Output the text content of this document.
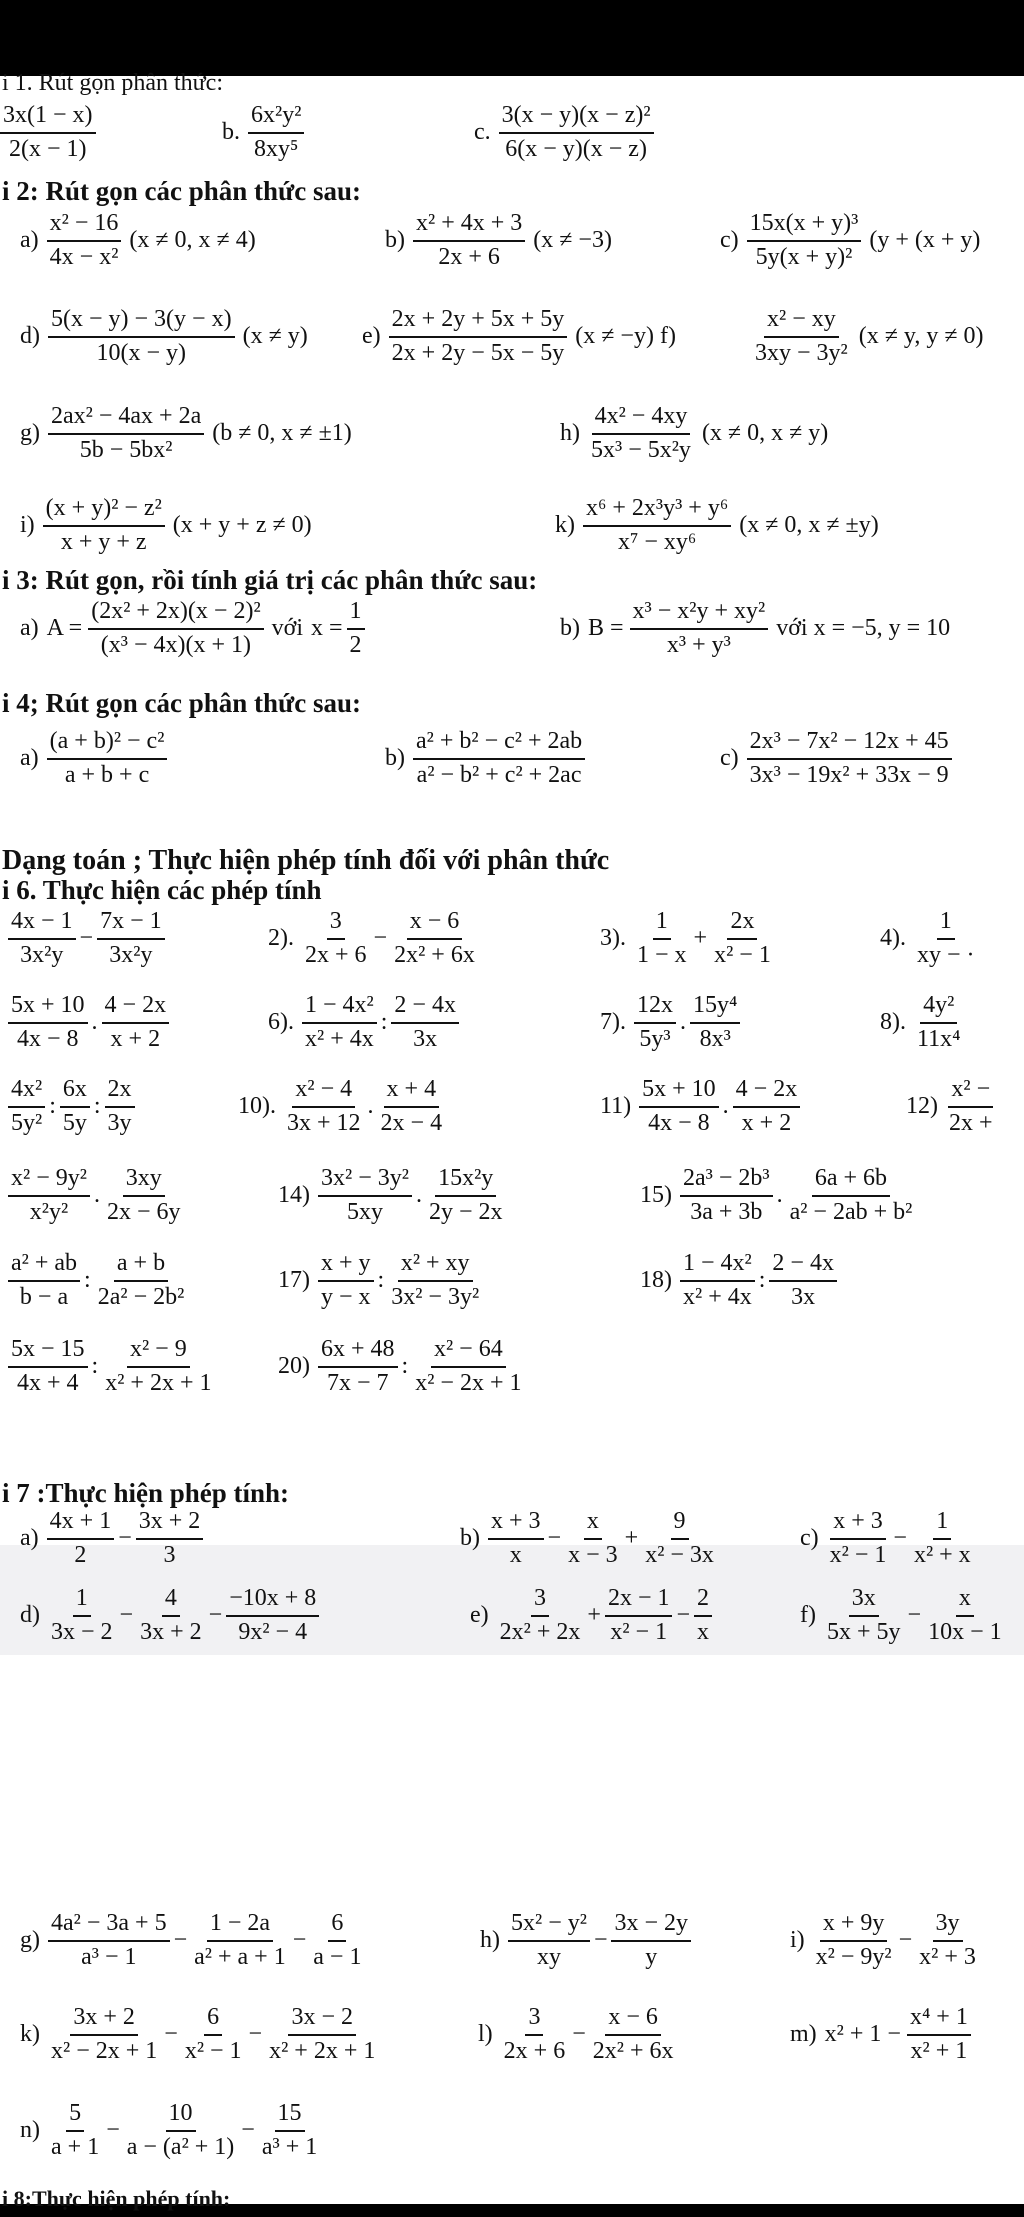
i 1. Rút gọn phân thức:
$\frac{3x(1 - x)}{2(x - 1)}$	b. $\frac{\text{6x²y²}}{\text{8xy⁵}}$	c. $\frac{\text{3(x − y)(x − z)²}}{6(x - y)(x - z)}$
i 2: Rút gọn các phân thức sau:
$a) \frac{\text{x² − 16}}{\text{4x − x²}} (x \ne 0$, x ≠ 4)	$b) \frac{\text{x² + 4x + 3}}{2x + 6} (x \ne -3)$	$c) \frac{\text{15x(x + y)³}}{\text{5y(x + y)²}} (y + (x + y)$
$d) \frac{5(x - y) - 3(y - x)}{10(x - y)} (x \ne y)$ $e) \frac{2x + 2y + 5x + 5y}{2x + 2y - 5x - 5y} (x \ne -y)$ f)	$\frac{\text{x² − xy}}{\text{3xy − 3y²}} (x \ne y$, y ≠ 0)
$g) \frac{\text{2ax² − 4ax + 2a}}{\text{5b − 5bx²}} (b \ne 0$, x ≠ ±1)	$h) \frac{\text{4x² − 4xy}}{\text{5x³ − 5x²y}} (x \ne 0$, x ≠ y)
$i) \frac{\text{(x + y)² − z²}}{x + y + z} (x + y + z \ne 0)$	$k) \frac{\text{x⁶ + 2x³y³ + y⁶}}{\text{x⁷ − xy⁶}} (x \ne 0$, x ≠ ±y)
i 3: Rút gọn, rồi tính giá trị các phân thức sau:
a) $A = \frac{\text{(2x² + 2x)(x − 2)²}}{\text{(x³ − 4x)(x + 1)}}$ với $x = \frac{1}{2}$	b) $B = \frac{\text{x³ − x²y + xy²}}{\text{x³ + y³}}$ với x = −5, y = 10
i 4; Rút gọn các phân thức sau:
$a) \frac{\text{(a + b)² − c²}}{a + b + c}$	$b) \frac{\text{a² + b² − c² + 2ab}}{\text{a² − b² + c² + 2ac}}$	$c) \frac{\text{2x³ − 7x² − 12x + 45}}{\text{3x³ − 19x² + 33x − 9}}$
Dạng toán ; Thực hiện phép tính đối với phân thức
i 6. Thực hiện các phép tính
$\frac{4x - 1}{\text{3x²y}} - \frac{7x - 1}{\text{3x²y}}$	2). $\frac{3}{2x + 6} - \frac{x - 6}{\text{2x² + 6x}}$	3). $\frac{1}{1 - x} + \frac{2x}{\text{x² − 1}}$	4). $\frac{1}{xy - \cdot}$
$\frac{5x + 10}{4x - 8}$ . $\frac{4 - 2x}{x + 2}$	6). $\frac{\text{1 − 4x²}}{\text{x² + 4x}}$ : $\frac{2 - 4x}{3x}$	7). $\frac{12x}{\text{5y³}}$ . $\frac{\text{15y⁴}}{\text{8x³}}$	8). $\frac{\text{4y²}}{\text{11x⁴}}$
$\frac{\text{4x²}}{\text{5y²}}$ : $\frac{6x}{5y}$ : $\frac{2x}{3y}$	10). $\frac{\text{x² − 4}}{3x + 12}$ . $\frac{x + 4}{2x - 4}$	$11) \frac{5x + 10}{4x - 8}$ . $\frac{4 - 2x}{x + 2}$	$12) \frac{\text{x² −}}{2x +}$
$\frac{\text{x² − 9y²}}{\text{x²y²}}$ . $\frac{3xy}{2x - 6y}$	$14) \frac{\text{3x² − 3y²}}{5xy}$ . $\frac{\text{15x²y}}{2y - 2x}$	$15) \frac{\text{2a³ − 2b³}}{3a + 3b}$ . $\frac{6a + 6b}{\text{a² − 2ab + b²}}$
$\frac{\text{a² + ab}}{b - a}$ : $\frac{a + b}{\text{2a² − 2b²}}$	$17) \frac{x + y}{y - x}$ : $\frac{\text{x² + xy}}{\text{3x² − 3y²}}$	$18) \frac{\text{1 − 4x²}}{\text{x² + 4x}}$ : $\frac{2 - 4x}{3x}$
$\frac{5x - 15}{4x + 4}$ : $\frac{\text{x² − 9}}{\text{x² + 2x + 1}}$	$20) \frac{6x + 48}{7x - 7}$ : $\frac{\text{x² − 64}}{\text{x² − 2x + 1}}$
i 7 :Thực hiện phép tính:
$a) \frac{4x + 1}{2} - \frac{3x + 2}{3}$	$b) \frac{x + 3}{x} - \frac{x}{x - 3} + \frac{9}{\text{x² − 3x}}$	$c) \frac{x + 3}{\text{x² − 1}} - \frac{1}{\text{x² + x}}$
$d) \frac{1}{3x - 2} - \frac{4}{3x + 2} - \frac{-10x + 8}{\text{9x² − 4}}$	$e) \frac{3}{\text{2x² + 2x}} + \frac{2x - 1}{\text{x² − 1}} - \frac{2}{x}$	$f) \frac{3x}{5x + 5y} - \frac{x}{10x - 1}$
$g) \frac{\text{4a² − 3a + 5}}{\text{a³ − 1}} - \frac{1 - 2a}{\text{a² + a + 1}} - \frac{6}{a - 1}$	$h) \frac{\text{5x² − y²}}{xy} - \frac{3x - 2y}{y}$	$i) \frac{x + 9y}{\text{x² − 9y²}} - \frac{3y}{\text{x² + 3}}$
$k) \frac{3x + 2}{\text{x² − 2x + 1}} - \frac{6}{\text{x² − 1}} - \frac{3x - 2}{\text{x² + 2x + 1}}$	$l) \frac{3}{2x + 6} - \frac{x - 6}{\text{2x² + 6x}}$	m) $x^2 + 1 - \frac{\text{x⁴ + 1}}{\text{x² + 1}}$
$n) \frac{5}{a + 1} - \frac{10}{\text{a − (a² + 1)}} - \frac{15}{\text{a³ + 1}}$
i 8:Thực hiện phép tính:
